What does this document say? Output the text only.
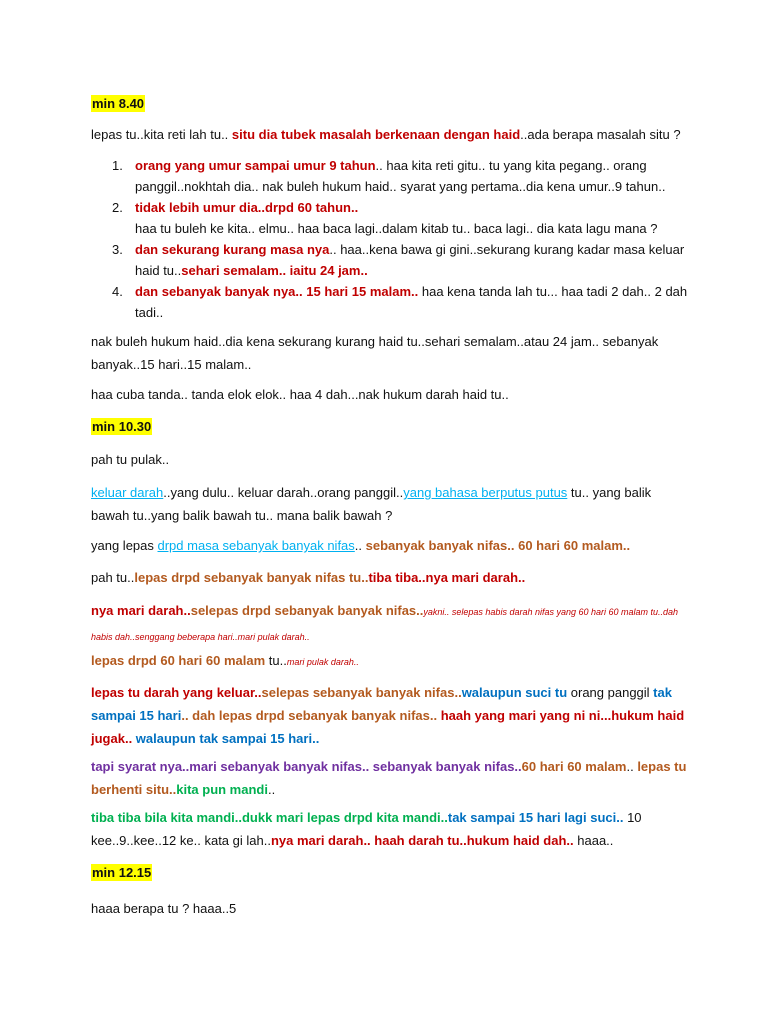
min 8.40

lepas tu..kita reti lah tu.. situ dia tubek masalah berkenaan dengan haid..ada berapa masalah situ ?

1. orang yang umur sampai umur 9 tahun.. haa kita reti gitu.. tu yang kita pegang.. orang panggil..nokhtah dia.. nak buleh hukum haid.. syarat yang pertama..dia kena umur..9 tahun..
2. tidak lebih umur dia..drpd 60 tahun..
haa tu buleh ke kita.. elmu.. haa baca lagi..dalam kitab tu.. baca lagi.. dia kata lagu mana ?
3. dan sekurang kurang masa nya.. haa..kena bawa gi gini..sekurang kurang kadar masa keluar haid tu..sehari semalam.. iaitu 24 jam..
4. dan sebanyak banyak nya.. 15 hari 15 malam.. haa kena tanda lah tu... haa tadi 2 dah.. 2 dah tadi..

nak buleh hukum haid..dia kena sekurang kurang haid tu..sehari semalam..atau 24 jam.. sebanyak banyak..15 hari..15 malam..

haa cuba tanda.. tanda elok elok.. haa 4 dah...nak hukum darah haid tu..

min 10.30

pah tu pulak..

keluar darah..yang dulu.. keluar darah..orang panggil..yang bahasa berputus putus tu.. yang balik bawah tu..yang balik bawah tu.. mana balik bawah ?

yang lepas drpd masa sebanyak banyak nifas.. sebanyak banyak nifas.. 60 hari 60 malam..

pah tu..lepas drpd sebanyak banyak nifas tu..tiba tiba..nya mari darah..

nya mari darah..selepas drpd sebanyak banyak nifas..yakni.. selepas habis darah nifas yang 60 hari 60 malam tu..dah habis dah..senggang beberapa hari..mari pulak darah..

lepas drpd 60 hari 60 malam tu..mari pulak darah..

lepas tu darah yang keluar..selepas sebanyak banyak nifas..walaupun suci tu orang panggil tak sampai 15 hari.. dah lepas drpd sebanyak banyak nifas.. haah yang mari yang ni ni...hukum haid jugak.. walaupun tak sampai 15 hari..

tapi syarat nya..mari sebanyak banyak nifas.. sebanyak banyak nifas..60 hari 60 malam.. lepas tu berhenti situ..kita pun mandi..

tiba tiba bila kita mandi..dukk mari lepas drpd kita mandi..tak sampai 15 hari lagi suci.. 10 kee..9..kee..12 ke.. kata gi lah..nya mari darah.. haah darah tu..hukum haid dah.. haaa..

min 12.15

haaa berapa tu ? haaa..5
